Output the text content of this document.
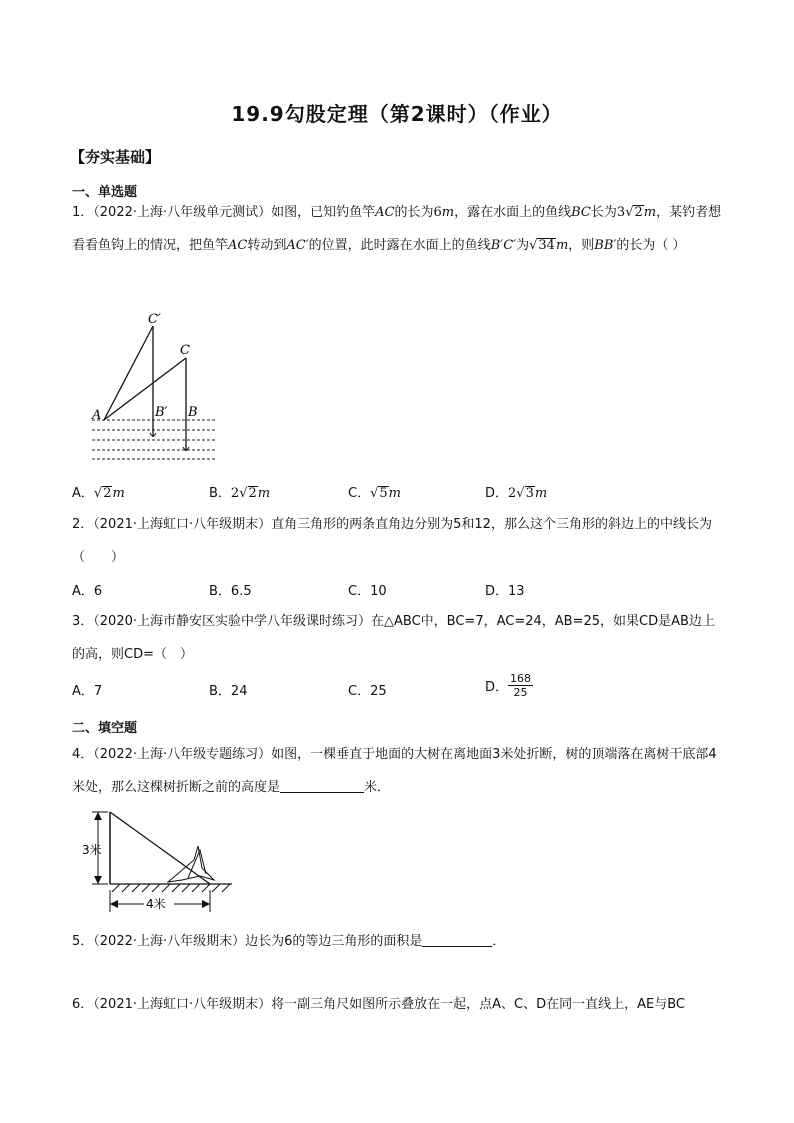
19.9勾股定理（第2课时）（作业）
【夯实基础】
一、单选题
1．（2022·上海·八年级单元测试）如图，已知钓鱼竿AC的长为6m，露在水面上的鱼线BC长为3√2m，某钓者想看看鱼钩上的情况，把鱼竿AC转动到AC′的位置，此时露在水面上的鱼线B′C′为√34m，则BB′的长为（ ）
C′
C
A	B′ B
A．√2m	B．2√2m	C．√5m	D．2√3m
2．（2021·上海虹口·八年级期末）直角三角形的两条直角边分别为5和12，那么这个三角形的斜边上的中线长为（　　）
A．6	B．6.5	C．10	D．13
3．（2020·上海市静安区实验中学八年级课时练习）在△ABC中，BC=7，AC=24，AB=25，如果CD是AB边上的高，则CD=（　）
A．7	B．24	C．25	D． $\frac{168}{25}$
二、填空题
4．（2022·上海·八年级专题练习）如图，一棵垂直于地面的大树在离地面3米处折断，树的顶端落在离树干底部4米处，那么这棵树折断之前的高度是	米．
3米
4米
5．（2022·上海·八年级期末）边长为6的等边三角形的面积是	．
6．（2021·上海虹口·八年级期末）将一副三角尺如图所示叠放在一起，点A、C、D在同一直线上，AE与BC
